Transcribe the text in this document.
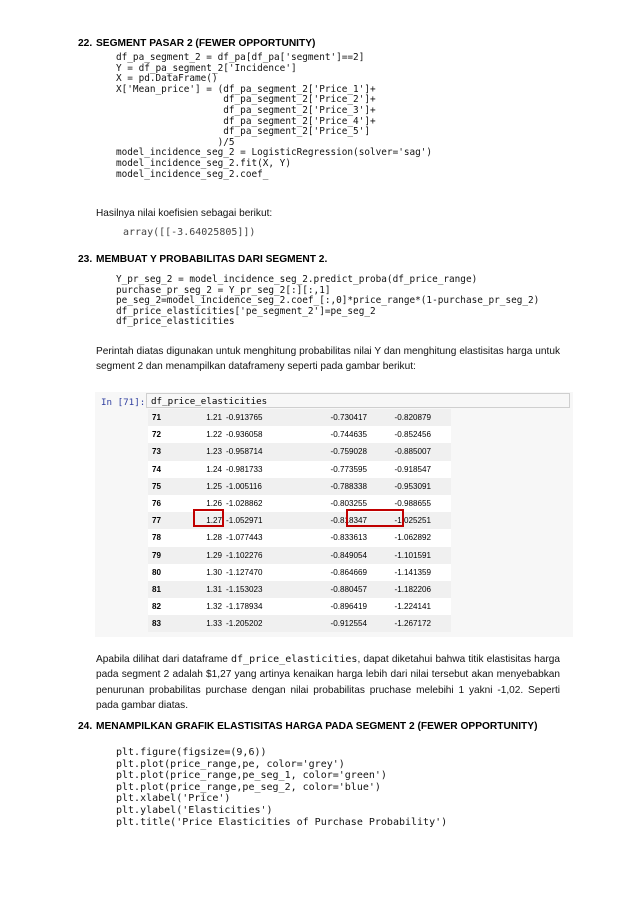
22. SEGMENT PASAR 2 (FEWER OPPORTUNITY)
df_pa_segment_2 = df_pa[df_pa['segment']==2]
Y = df_pa_segment_2['Incidence']
X = pd.DataFrame()
X['Mean_price'] = (df_pa_segment_2['Price_1']+
df_pa_segment_2['Price_2']+
df_pa_segment_2['Price_3']+
df_pa_segment_2['Price_4']+
df_pa_segment_2['Price_5']
)/5
model_incidence_seg_2 = LogisticRegression(solver='sag')
model_incidence_seg_2.fit(X, Y)
model_incidence_seg_2.coef_
Hasilnya nilai koefisien sebagai berikut:
array([[-3.64025805]])
23. MEMBUAT Y PROBABILITAS DARI SEGMENT 2.
Y_pr_seg_2 = model_incidence_seg_2.predict_proba(df_price_range)
purchase_pr_seg_2 = Y_pr_seg_2[:][:,1]
pe_seg_2=model_incidence_seg_2.coef_[:,0]*price_range*(1-purchase_pr_seg_2)
df_price_elasticities['pe_segment_2']=pe_seg_2
df_price_elasticities
Perintah diatas digunakan untuk menghitung probabilitas nilai Y dan menghitung elastisitas harga untuk segment 2 dan menampilkan dataframeny seperti pada gambar berikut:
In [71]: df_price_elasticities
71	1.21	-0.913765	-0.730417	-0.820879
72	1.22	-0.936058	-0.744635	-0.852456
73	1.23	-0.958714	-0.759028	-0.885007
74	1.24	-0.981733	-0.773595	-0.918547
75	1.25	-1.005116	-0.788338	-0.953091
76	1.26	-1.028862	-0.803255	-0.988655
77	1.27	-1.052971	-0.818347	-1.025251
78	1.28	-1.077443	-0.833613	-1.062892
79	1.29	-1.102276	-0.849054	-1.101591
80	1.30	-1.127470	-0.864669	-1.141359
81	1.31	-1.153023	-0.880457	-1.182206
82	1.32	-1.178934	-0.896419	-1.224141
83	1.33	-1.205202	-0.912554	-1.267172
Apabila dilihat dari dataframe df_price_elasticities, dapat diketahui bahwa titik elastisitas harga pada segment 2 adalah $1,27 yang artinya kenaikan harga lebih dari nilai tersebut akan menyebabkan penurunan probabilitas purchase dengan nilai probabilitas pruchase melebihi 1 yakni -1,02. Seperti pada gambar diatas.
24. MENAMPILKAN GRAFIK ELASTISITAS HARGA PADA SEGMENT 2 (FEWER OPPORTUNITY)
plt.figure(figsize=(9,6))
plt.plot(price_range,pe, color='grey')
plt.plot(price_range,pe_seg_1, color='green')
plt.plot(price_range,pe_seg_2, color='blue')
plt.xlabel('Price')
plt.ylabel('Elasticities')
plt.title('Price Elasticities of Purchase Probability')
